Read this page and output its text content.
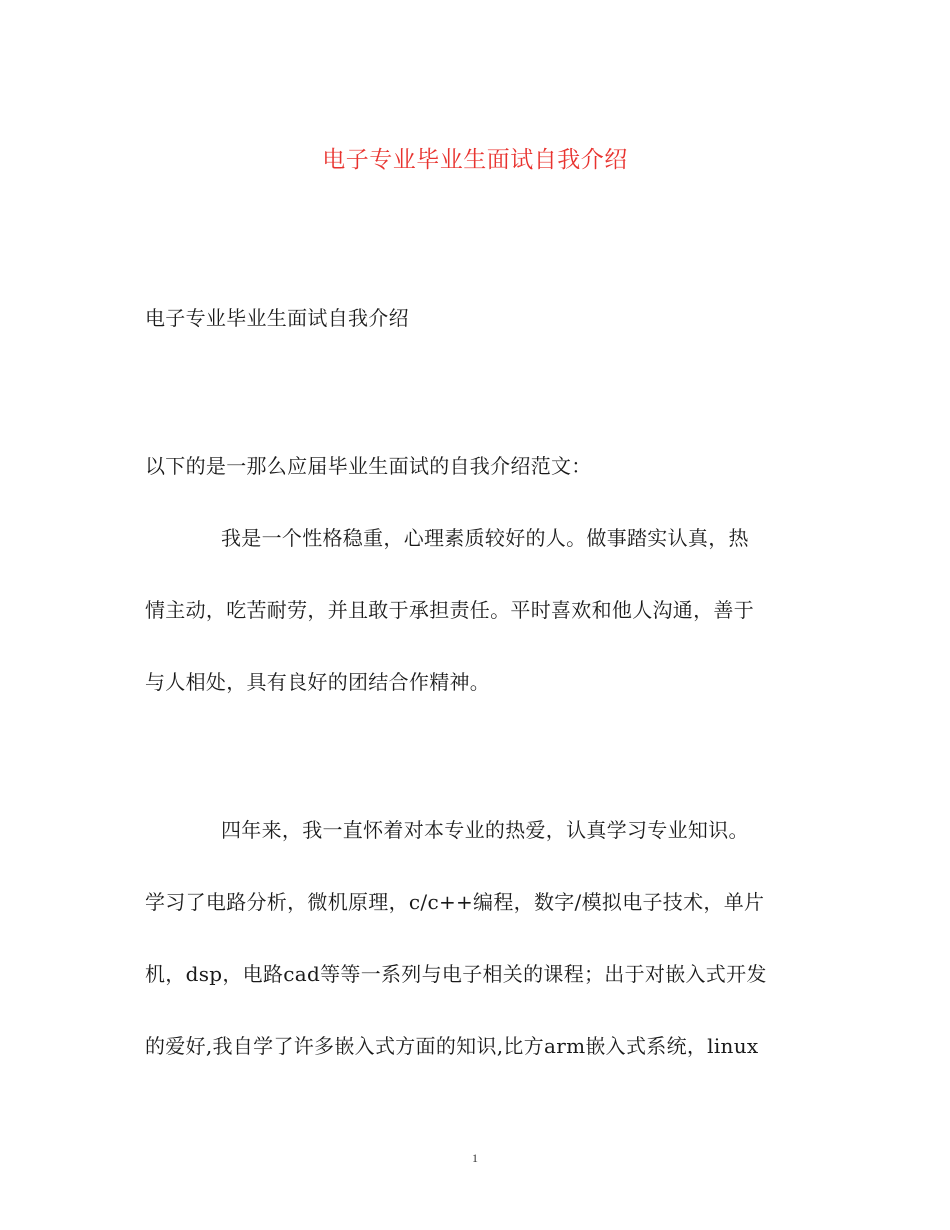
电子专业毕业生面试自我介绍
电子专业毕业生面试自我介绍
以下的是一那么应届毕业生面试的自我介绍范文：
我是一个性格稳重，心理素质较好的人。做事踏实认真，热
情主动，吃苦耐劳，并且敢于承担责任。平时喜欢和他人沟通，善于
与人相处，具有良好的团结合作精神。
四年来，我一直怀着对本专业的热爱，认真学习专业知识。
学习了电路分析，微机原理，c/c++编程，数字/模拟电子技术，单片
机，dsp，电路cad等等一系列与电子相关的课程；出于对嵌入式开发
的爱好,我自学了许多嵌入式方面的知识,比方arm嵌入式系统，linux
1
